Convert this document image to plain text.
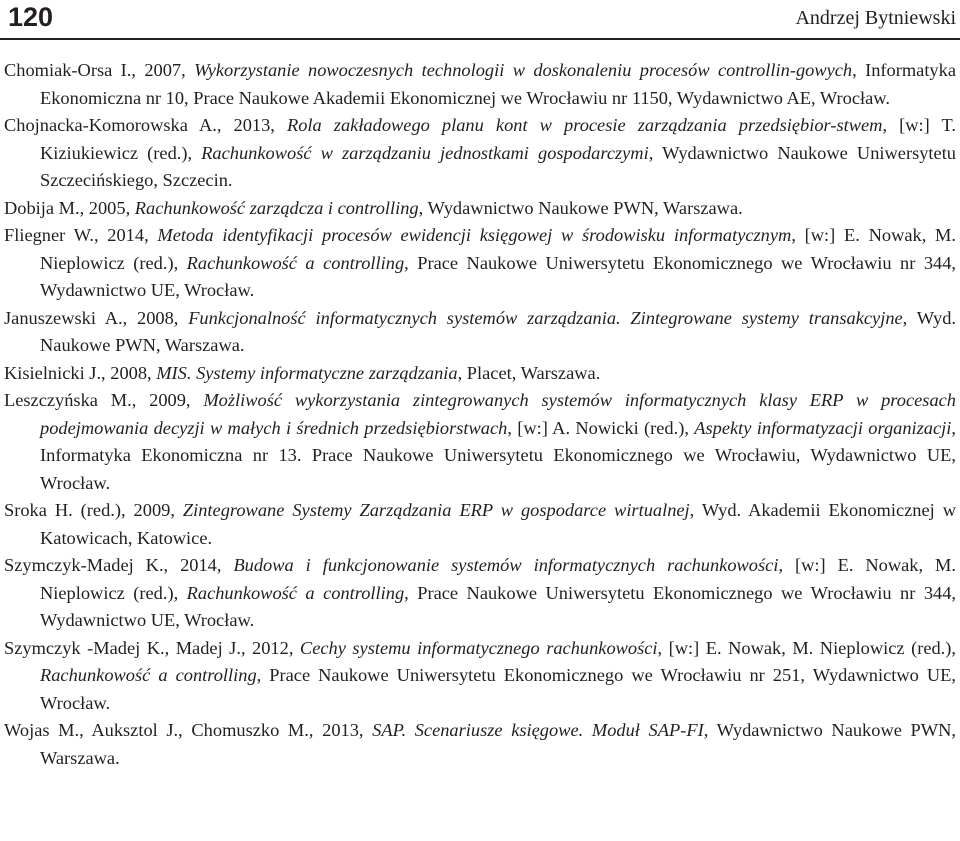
120	Andrzej Bytniewski

Chomiak-Orsa I., 2007, Wykorzystanie nowoczesnych technologii w doskonaleniu procesów controllin-gowych, Informatyka Ekonomiczna nr 10, Prace Naukowe Akademii Ekonomicznej we Wrocławiu nr 1150, Wydawnictwo AE, Wrocław.

Chojnacka-Komorowska A., 2013, Rola zakładowego planu kont w procesie zarządzania przedsiębior-stwem, [w:] T. Kiziukiewicz (red.), Rachunkowość w zarządzaniu jednostkami gospodarczymi, Wydawnictwo Naukowe Uniwersytetu Szczecińskiego, Szczecin.

Dobija M., 2005, Rachunkowość zarządcza i controlling, Wydawnictwo Naukowe PWN, Warszawa.

Fliegner W., 2014, Metoda identyfikacji procesów ewidencji księgowej w środowisku informatycznym, [w:] E. Nowak, M. Nieplowicz (red.), Rachunkowość a controlling, Prace Naukowe Uniwersytetu Ekonomicznego we Wrocławiu nr 344, Wydawnictwo UE, Wrocław.

Januszewski A., 2008, Funkcjonalność informatycznych systemów zarządzania. Zintegrowane systemy transakcyjne, Wyd. Naukowe PWN, Warszawa.

Kisielnicki J., 2008, MIS. Systemy informatyczne zarządzania, Placet, Warszawa.

Leszczyńska M., 2009, Możliwość wykorzystania zintegrowanych systemów informatycznych klasy ERP w procesach podejmowania decyzji w małych i średnich przedsiębiorstwach, [w:] A. Nowicki (red.), Aspekty informatyzacji organizacji, Informatyka Ekonomiczna nr 13. Prace Naukowe Uniwersytetu Ekonomicznego we Wrocławiu, Wydawnictwo UE, Wrocław.

Sroka H. (red.), 2009, Zintegrowane Systemy Zarządzania ERP w gospodarce wirtualnej, Wyd. Akademii Ekonomicznej w Katowicach, Katowice.

Szymczyk-Madej K., 2014, Budowa i funkcjonowanie systemów informatycznych rachunkowości, [w:] E. Nowak, M. Nieplowicz (red.), Rachunkowość a controlling, Prace Naukowe Uniwersytetu Ekonomicznego we Wrocławiu nr 344, Wydawnictwo UE, Wrocław.

Szymczyk -Madej K., Madej J., 2012, Cechy systemu informatycznego rachunkowości, [w:] E. Nowak, M. Nieplowicz (red.), Rachunkowość a controlling, Prace Naukowe Uniwersytetu Ekonomicznego we Wrocławiu nr 251, Wydawnictwo UE, Wrocław.

Wojas M., Auksztol J., Chomuszko M., 2013, SAP. Scenariusze księgowe. Moduł SAP-FI, Wydawnictwo Naukowe PWN, Warszawa.
